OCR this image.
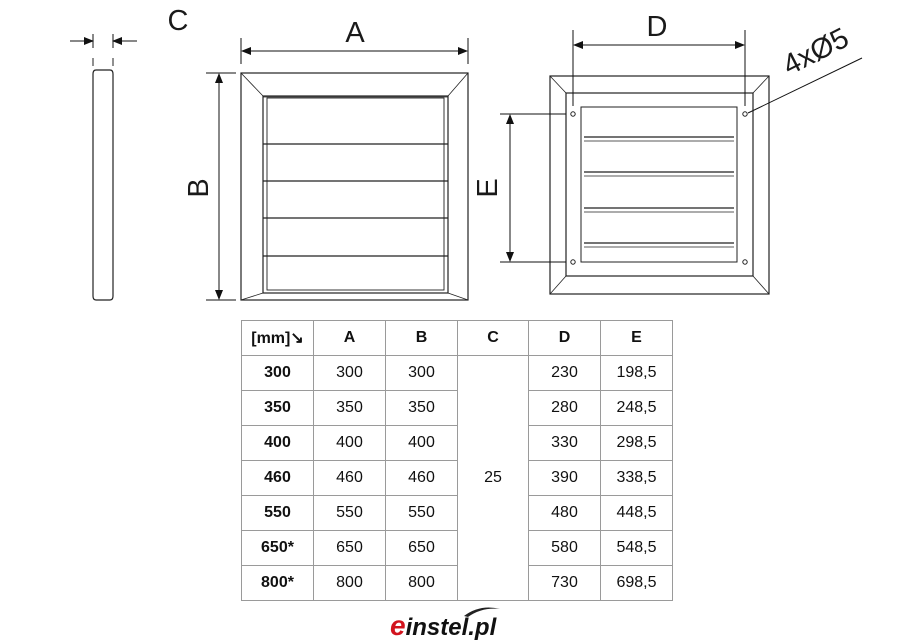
C	A
B
D
E
4xØ5
[mm]↘	A	B	C	D	E
300	300	300	25	230	198,5
350	350	350		280	248,5
400	400	400		330	298,5
460	460	460		390	338,5
550	550	550		480	448,5
650*	650	650		580	548,5
800*	800	800		730	698,5
einstel.pl
